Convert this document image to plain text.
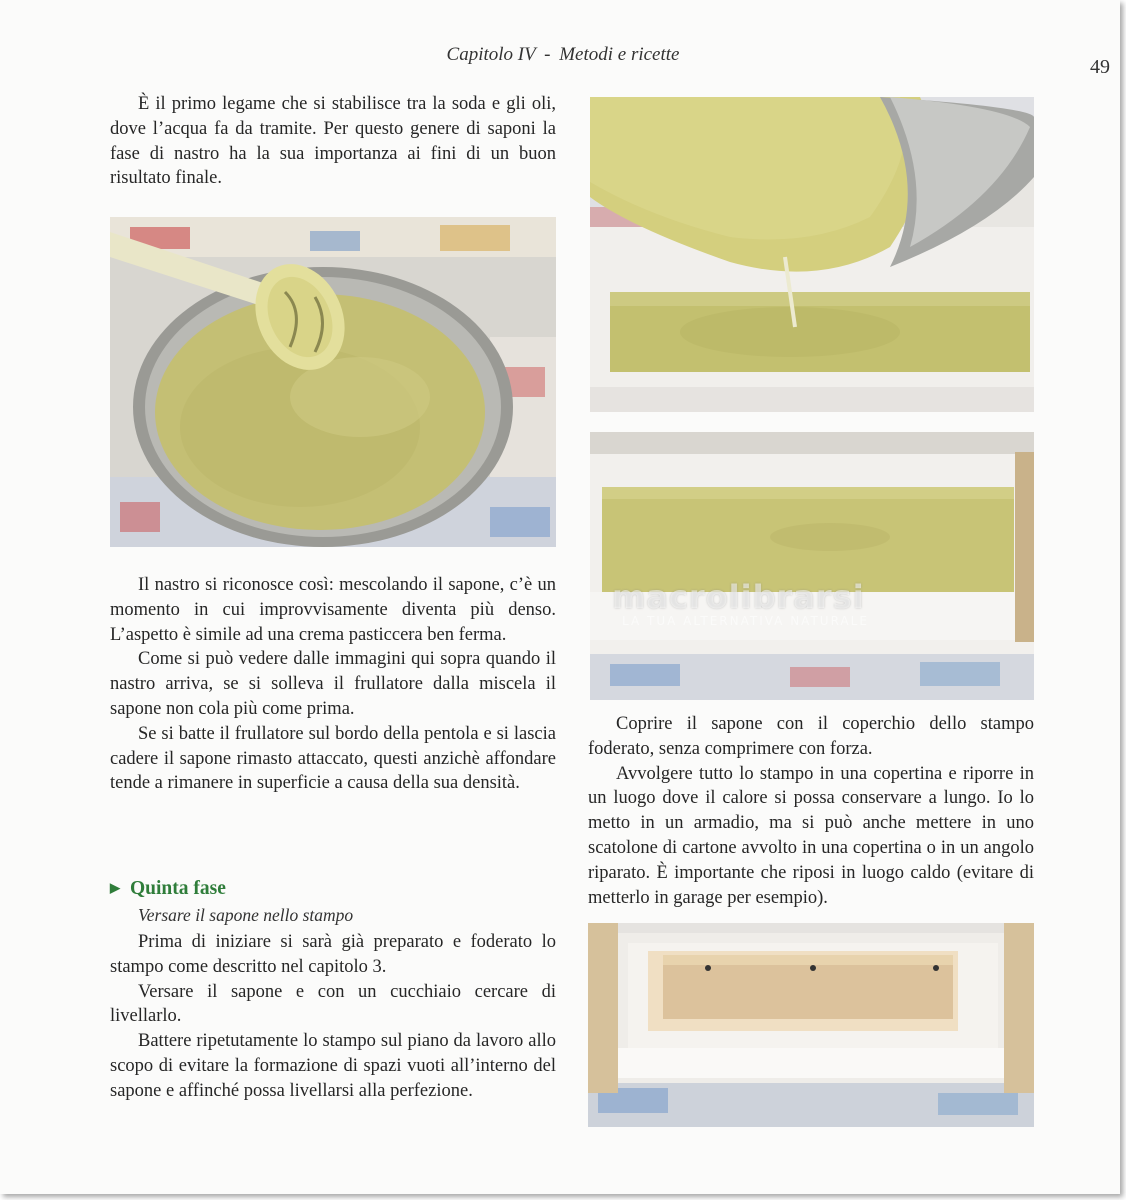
Capitolo IV - Metodi e ricette
49

È il primo legame che si stabilisce tra la soda e gli oli, dove l’acqua fa da tramite. Per questo genere di saponi la fase di nastro ha la sua importanza ai fini di un buon risultato finale.

Il nastro si riconosce così: mescolando il sapone, c’è un momento in cui improvvisamente diventa più denso. L’aspetto è simile ad una crema pasticcera ben ferma.

Come si può vedere dalle immagini qui sopra quando il nastro arriva, se si solleva il frullatore dalla miscela il sapone non cola più come prima.

Se si batte il frullatore sul bordo della pentola e si lascia cadere il sapone rimasto attaccato, questi anzichè affondare tende a rimanere in superficie a causa della sua densità.

▶ Quinta fase
Versare il sapone nello stampo

Prima di iniziare si sarà già preparato e foderato lo stampo come descritto nel capitolo 3.

Versare il sapone e con un cucchiaio cercare di livellarlo.

Battere ripetutamente lo stampo sul piano da lavoro allo scopo di evitare la formazione di spazi vuoti all’interno del sapone e affinché possa livellarsi alla perfezione.

Coprire il sapone con il coperchio dello stampo foderato, senza comprimere con forza.

Avvolgere tutto lo stampo in una copertina e riporre in un luogo dove il calore si possa conservare a lungo. Io lo metto in un armadio, ma si può anche mettere in uno scatolone di cartone avvolto in una copertina o in un angolo riparato. È importante che riposi in luogo caldo (evitare di metterlo in garage per esempio).

macrolibrarsi
LA TUA ALTERNATIVA NATURALE
